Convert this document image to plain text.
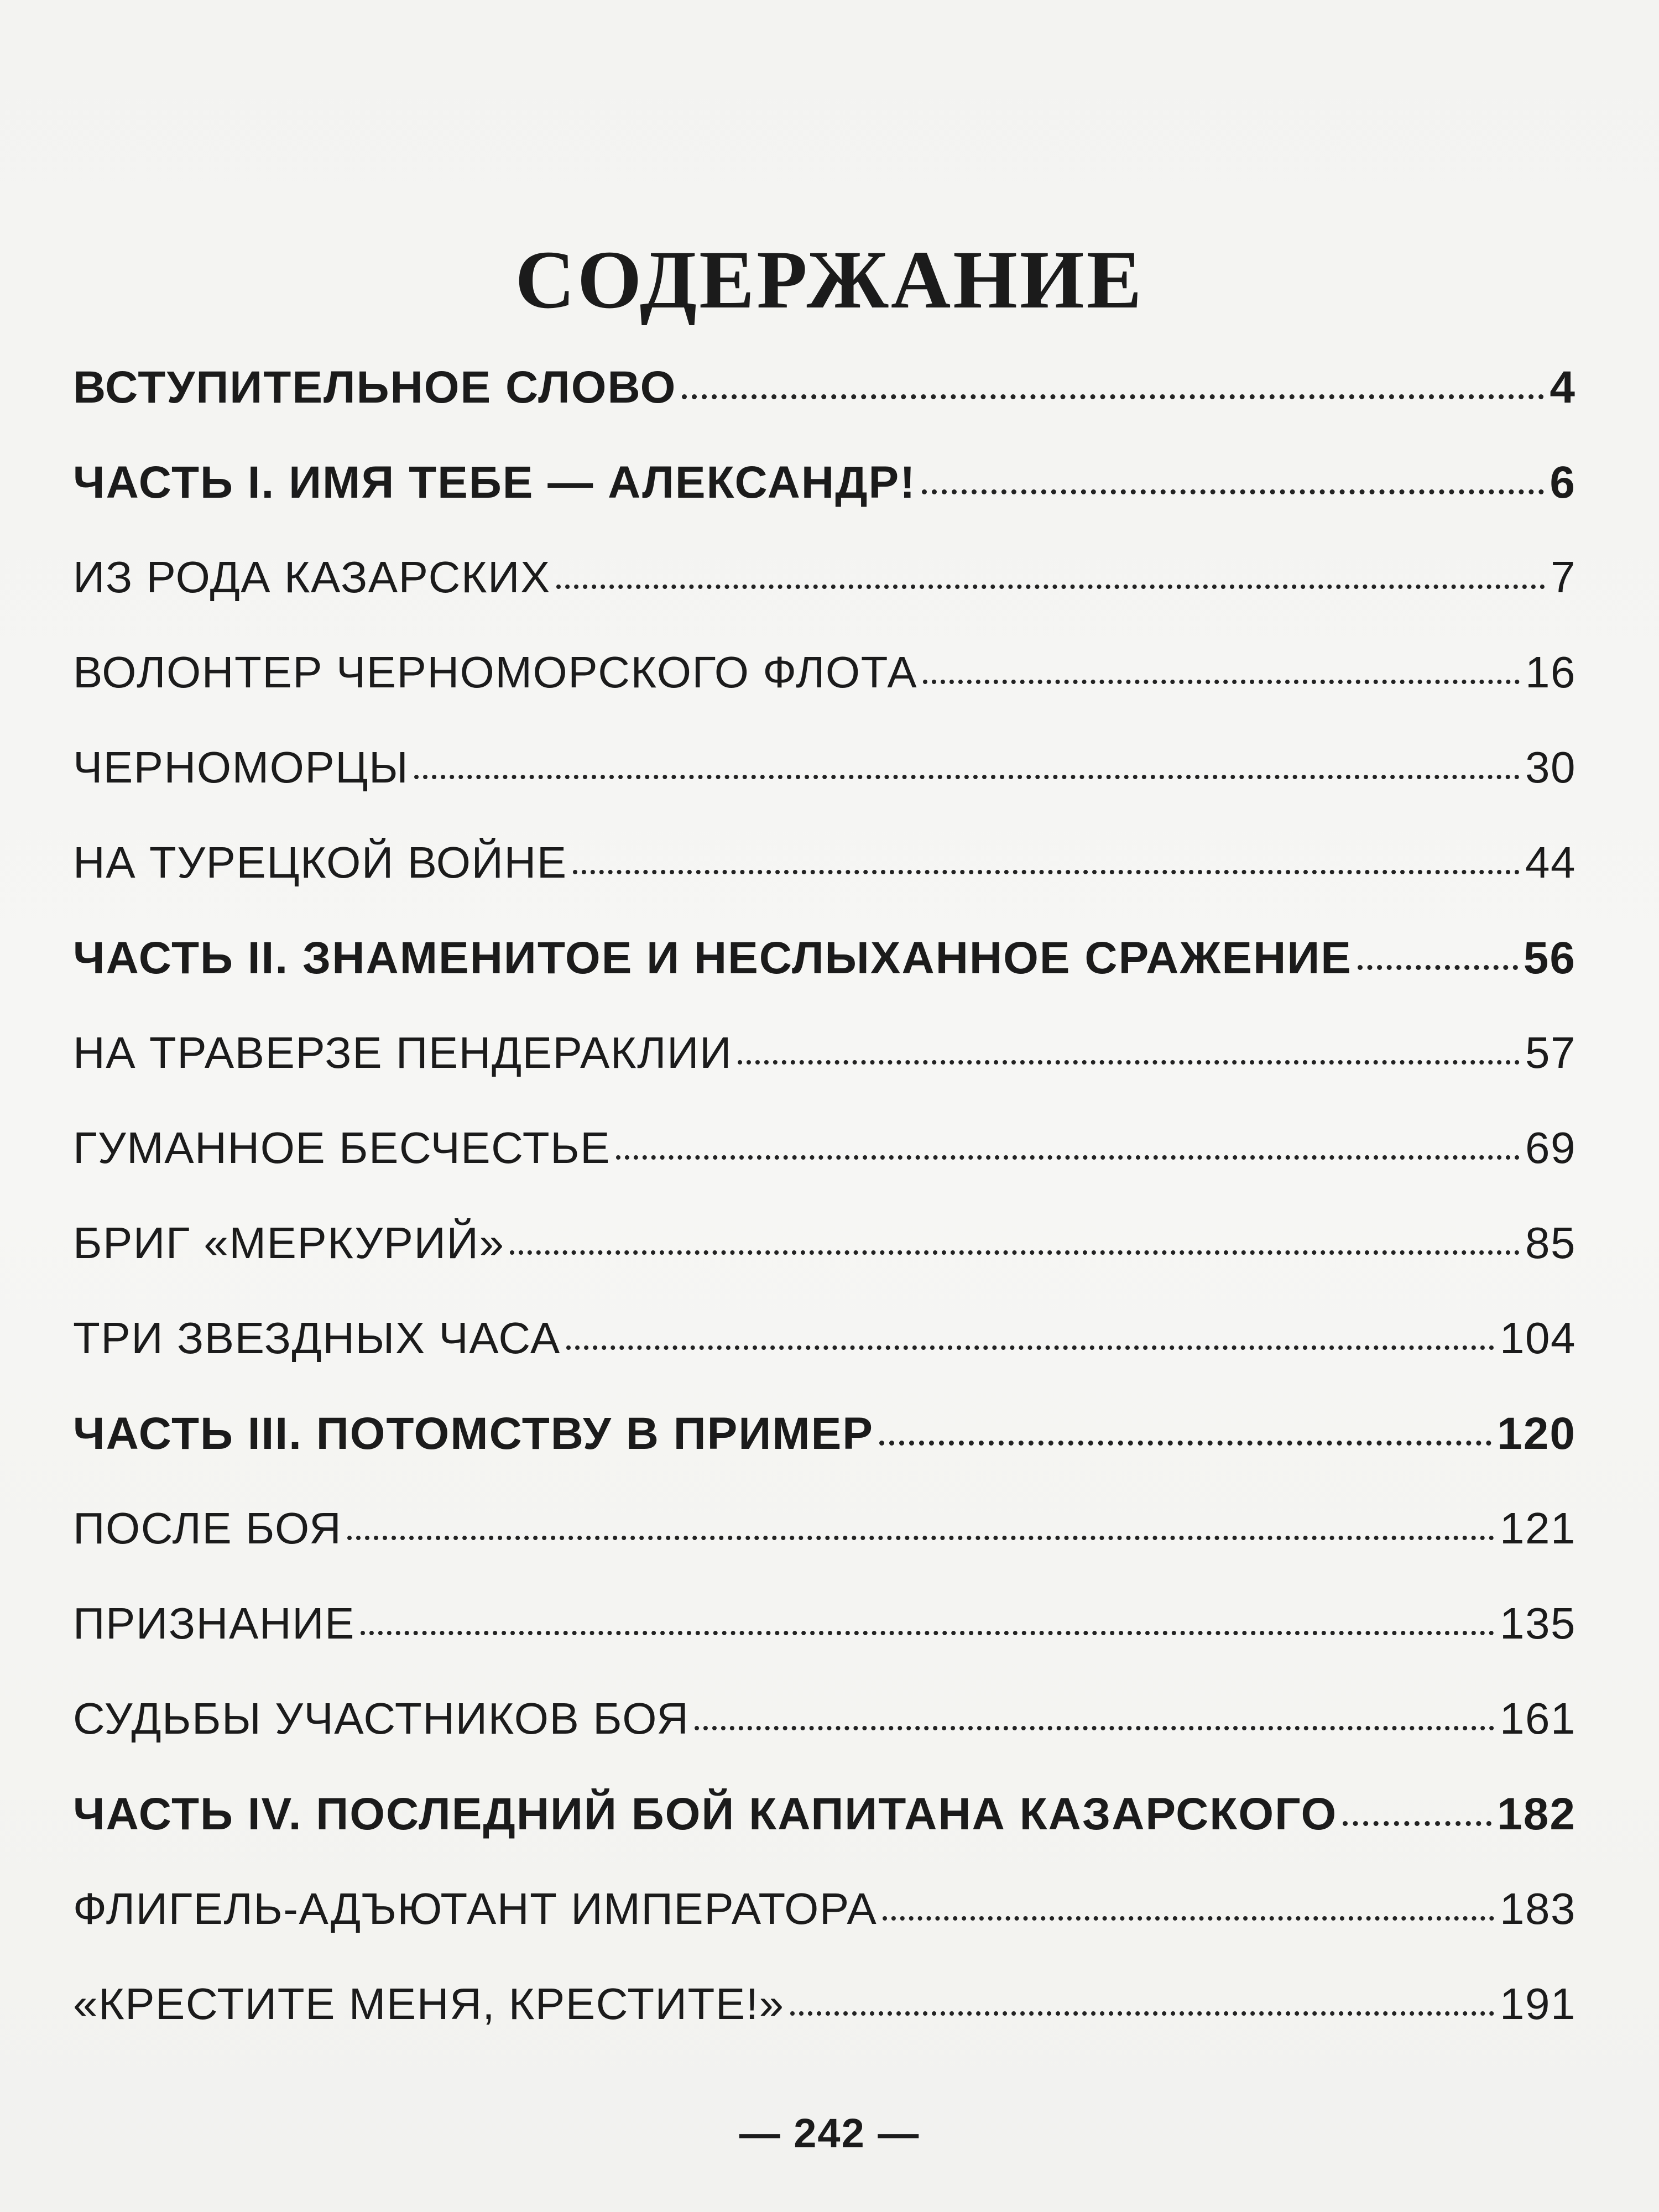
СОДЕРЖАНИЕ
ВСТУПИТЕЛЬНОЕ СЛОВО	4
ЧАСТЬ I. ИМЯ ТЕБЕ — АЛЕКСАНДР!	6
ИЗ РОДА КАЗАРСКИХ	7
ВОЛОНТЕР ЧЕРНОМОРСКОГО ФЛОТА	16
ЧЕРНОМОРЦЫ	30
НА ТУРЕЦКОЙ ВОЙНЕ	44
ЧАСТЬ II. ЗНАМЕНИТОЕ И НЕСЛЫХАННОЕ СРАЖЕНИЕ	56
НА ТРАВЕРЗЕ ПЕНДЕРАКЛИИ	57
ГУМАННОЕ БЕСЧЕСТЬЕ	69
БРИГ «МЕРКУРИЙ»	85
ТРИ ЗВЕЗДНЫХ ЧАСА	104
ЧАСТЬ III. ПОТОМСТВУ В ПРИМЕР	120
ПОСЛЕ БОЯ	121
ПРИЗНАНИЕ	135
СУДЬБЫ УЧАСТНИКОВ БОЯ	161
ЧАСТЬ IV. ПОСЛЕДНИЙ БОЙ КАПИТАНА КАЗАРСКОГО	182
ФЛИГЕЛЬ-АДЪЮТАНТ ИМПЕРАТОРА	183
«КРЕСТИТЕ МЕНЯ, КРЕСТИТЕ!»	191
— 242 —
